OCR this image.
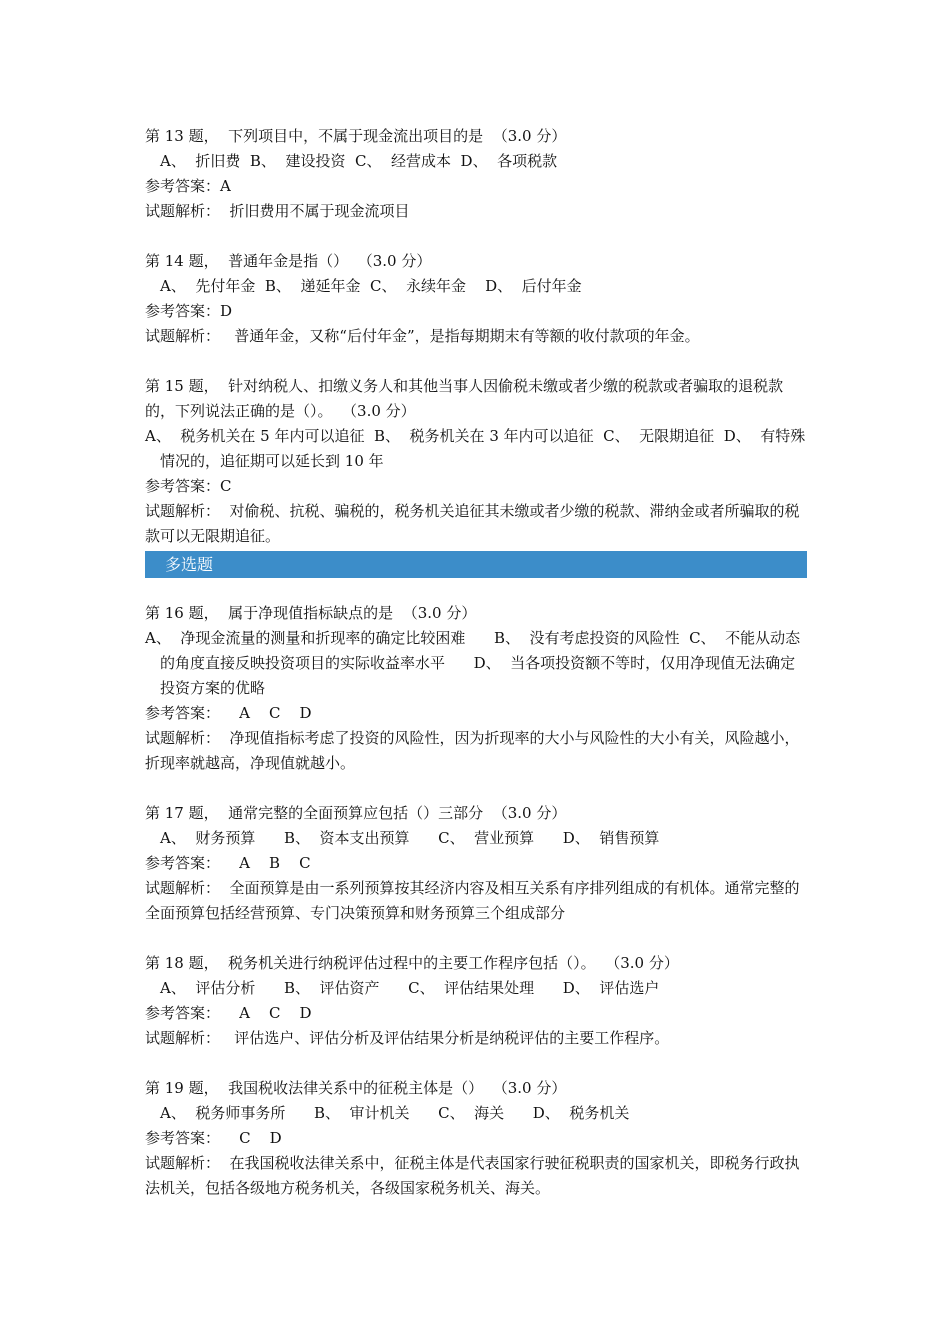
第 13 题，  下列项目中，不属于现金流出项目的是  （3.0 分）

A、  折旧费  B、  建设投资  C、  经营成本  D、  各项税款

参考答案：A

试题解析：  折旧费用不属于现金流项目

第 14 题，  普通年金是指（）  （3.0 分）

A、  先付年金  B、  递延年金  C、  永续年金    D、  后付年金

参考答案：D

试题解析：   普通年金，又称“后付年金”，是指每期期末有等额的收付款项的年金。

第 15 题，  针对纳税人、扣缴义务人和其他当事人因偷税未缴或者少缴的税款或者骗取的退税款的，下列说法正确的是（）。  （3.0 分）

A、  税务机关在 5 年内可以追征  B、  税务机关在 3 年内可以追征  C、  无限期追征  D、  有特殊情况的，追征期可以延长到 10 年

参考答案：C

试题解析：  对偷税、抗税、骗税的，税务机关追征其未缴或者少缴的税款、滞纳金或者所骗取的税款可以无限期追征。

多选题

第 16 题，  属于净现值指标缺点的是  （3.0 分）

A、  净现金流量的测量和折现率的确定比较困难      B、  没有考虑投资的风险性  C、  不能从动态的角度直接反映投资项目的实际收益率水平      D、  当各项投资额不等时，仅用净现值无法确定投资方案的优略

参考答案：    A    C    D

试题解析：  净现值指标考虑了投资的风险性，因为折现率的大小与风险性的大小有关，风险越小，折现率就越高，净现值就越小。

第 17 题，  通常完整的全面预算应包括（）三部分  （3.0 分）

A、  财务预算      B、  资本支出预算      C、  营业预算      D、  销售预算

参考答案：    A    B    C

试题解析：  全面预算是由一系列预算按其经济内容及相互关系有序排列组成的有机体。通常完整的全面预算包括经营预算、专门决策预算和财务预算三个组成部分

第 18 题，  税务机关进行纳税评估过程中的主要工作程序包括（）。  （3.0 分）

A、  评估分析      B、  评估资产      C、  评估结果处理      D、  评估选户

参考答案：    A    C    D

试题解析：   评估选户、评估分析及评估结果分析是纳税评估的主要工作程序。

第 19 题，  我国税收法律关系中的征税主体是（）  （3.0 分）

A、  税务师事务所      B、  审计机关      C、  海关      D、  税务机关

参考答案：    C    D

试题解析：  在我国税收法律关系中，征税主体是代表国家行驶征税职责的国家机关，即税务行政执法机关，包括各级地方税务机关，各级国家税务机关、海关。
